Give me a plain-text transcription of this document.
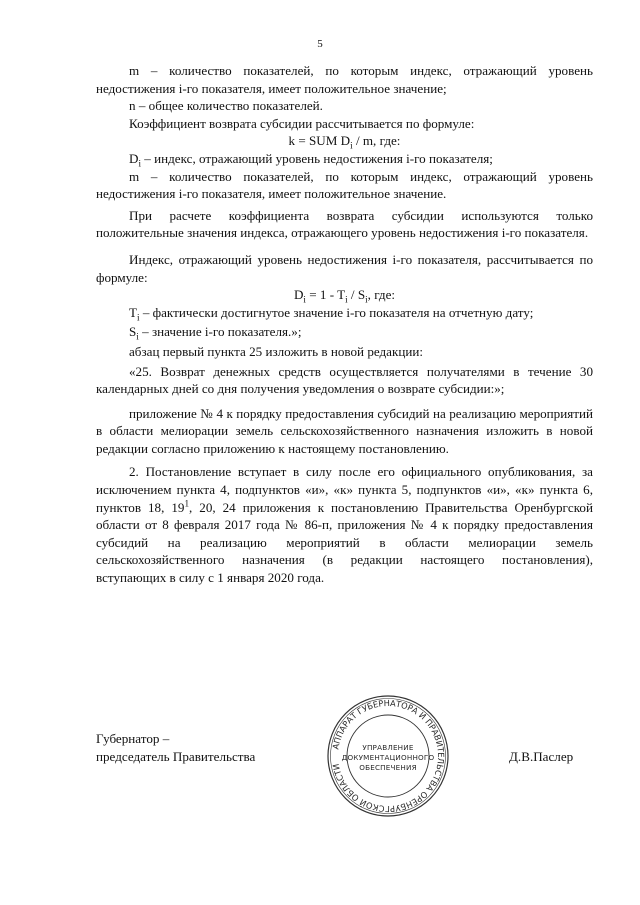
5

m – количество показателей, по которым индекс, отражающий уровень недостижения i-го показателя, имеет положительное значение;

n – общее количество показателей.

Коэффициент возврата субсидии рассчитывается по формуле:

k = SUM $D_i$ / m, где:

$D_i$ – индекс, отражающий уровень недостижения i-го показателя;

m – количество показателей, по которым индекс, отражающий уровень недостижения i-го показателя, имеет положительное значение.

При расчете коэффициента возврата субсидии используются только положительные значения индекса, отражающего уровень недостижения i-го показателя.

Индекс, отражающий уровень недостижения i-го показателя, рассчитывается по формуле:

$D_i = 1 - T_i / S_i$, где:

$T_i$ – фактически достигнутое значение i-го показателя на отчетную дату;

$S_i$ – значение i-го показателя.»;

абзац первый пункта 25 изложить в новой редакции:

«25. Возврат денежных средств осуществляется получателями в течение 30 календарных дней со дня получения уведомления о возврате субсидии:»;

приложение № 4 к порядку предоставления субсидий на реализацию мероприятий в области мелиорации земель сельскохозяйственного назначения изложить в новой редакции согласно приложению к настоящему постановлению.

2. Постановление вступает в силу после его официального опубликования, за исключением пункта 4, подпунктов «и», «к» пункта 5, подпунктов «и», «к» пункта 6, пунктов 18, $19^1$, 20, 24 приложения к постановлению Правительства Оренбургской области от 8 февраля 2017 года № 86-п, приложения № 4 к порядку предоставления субсидий на реализацию мероприятий в области мелиорации земель сельскохозяйственного назначения (в редакции настоящего постановления), вступающих в силу с 1 января 2020 года.

Губернатор –
председатель Правительства
АППАРАТ ГУБЕРНАТОРА И ПРАВИТЕЛЬСТВА ОРЕНБУРГСКОЙ ОБЛАСТИ
УПРАВЛЕНИЕ
ДОКУМЕНТАЦИОННОГО
ОБЕСПЕЧЕНИЯ
Д.В.Паслер
